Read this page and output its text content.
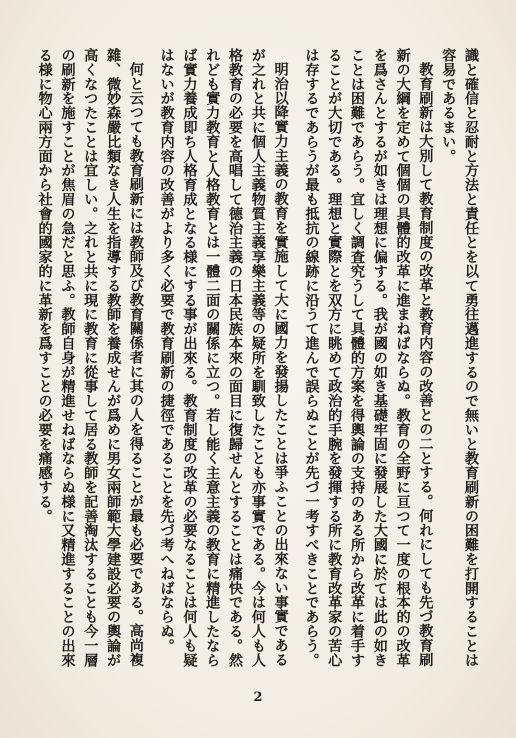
識と確信と忍耐と方法と責任とを以て勇往邁進するので無いと教育刷新の困難を打開することは容易であるまい。

教育刷新は大別して教育制度の改革と教育内容の改善との二とする。何れにしても先づ教育刷新の大綱を定めて個個の具體的改革に進まねばならぬ。教育の全野に亘つて一度の根本的の改革を爲さんとするが如きは理想に偏する。我が國の如き基礎牢固に發展した大國に於ては此の如きことは困難であらう。宜しく調査究うして具體的方案を得輿論の支持のある所から改革に着手することが大切である。理想と實際とを双方に眺めて政治的手腕を發揮する所に教育改革家の苦心は存するであらうが最も抵抗の線跡に沿うて進んで誤らぬことが先づ一考すべきことであらう。

明治以降實力主義の教育を實施して大に國力を發揚したことは爭ふことの出來ない事實であるが之れと共に個人主義物質主義享樂主義等の疑所を馴致したことも亦事實である。今は何人も人格教育の必要を高唱して德治主義の日本民族本來の面目に復歸せんとすることは痛快である。然れども實力教育と人格教育とは一體二面の關係に立つ。若し能く主意主義の教育に精進したならば實力養成即ち人格育成となる様にする事が出來る。教育制度の改革の必要なることは何人も疑はないが教育内容の改善がより多く必要で教育刷新の捷徑であることを先づ考へねばならぬ。

何と云つても教育刷新には教師及び教育關係者に其の人を得ることが最も必要である。高尚複雜、微妙森嚴比類なき人生を指導する教師を養成せんが爲めに男女兩師範大學建設必要の輿論が高くなつたことは宜しい。之れと共に現に教育に從事して居る教師を記善淘汰することも今一層の刷新を施すことが焦眉の急だと思ふ。教師自身が精進せねばならぬ様に又精進することの出來る様に物心兩方面から社會的國家的に革新を爲すことの必要を痛感する。

2
